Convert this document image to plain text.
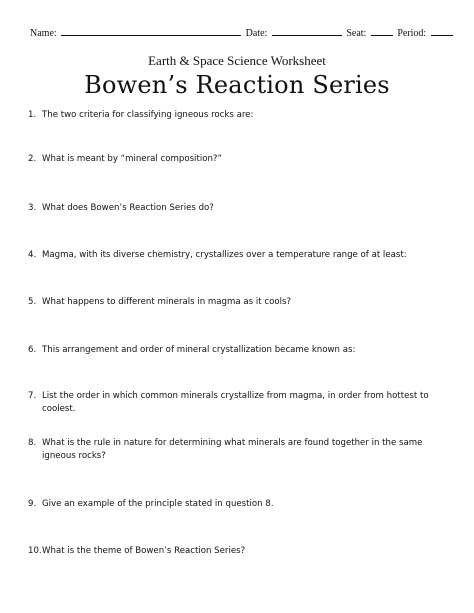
Name:	Date:	Seat:	Period:
Earth & Space Science Worksheet
Bowen’s Reaction Series
1. The two criteria for classifying igneous rocks are:
2. What is meant by “mineral composition?”
3. What does Bowen’s Reaction Series do?
4. Magma, with its diverse chemistry, crystallizes over a temperature range of at least:
5. What happens to different minerals in magma as it cools?
6. This arrangement and order of mineral crystallization became known as:
7. List the order in which common minerals crystallize from magma, in order from hottest to coolest.
8. What is the rule in nature for determining what minerals are found together in the same igneous rocks?
9. Give an example of the principle stated in question 8.
10. What is the theme of Bowen’s Reaction Series?
